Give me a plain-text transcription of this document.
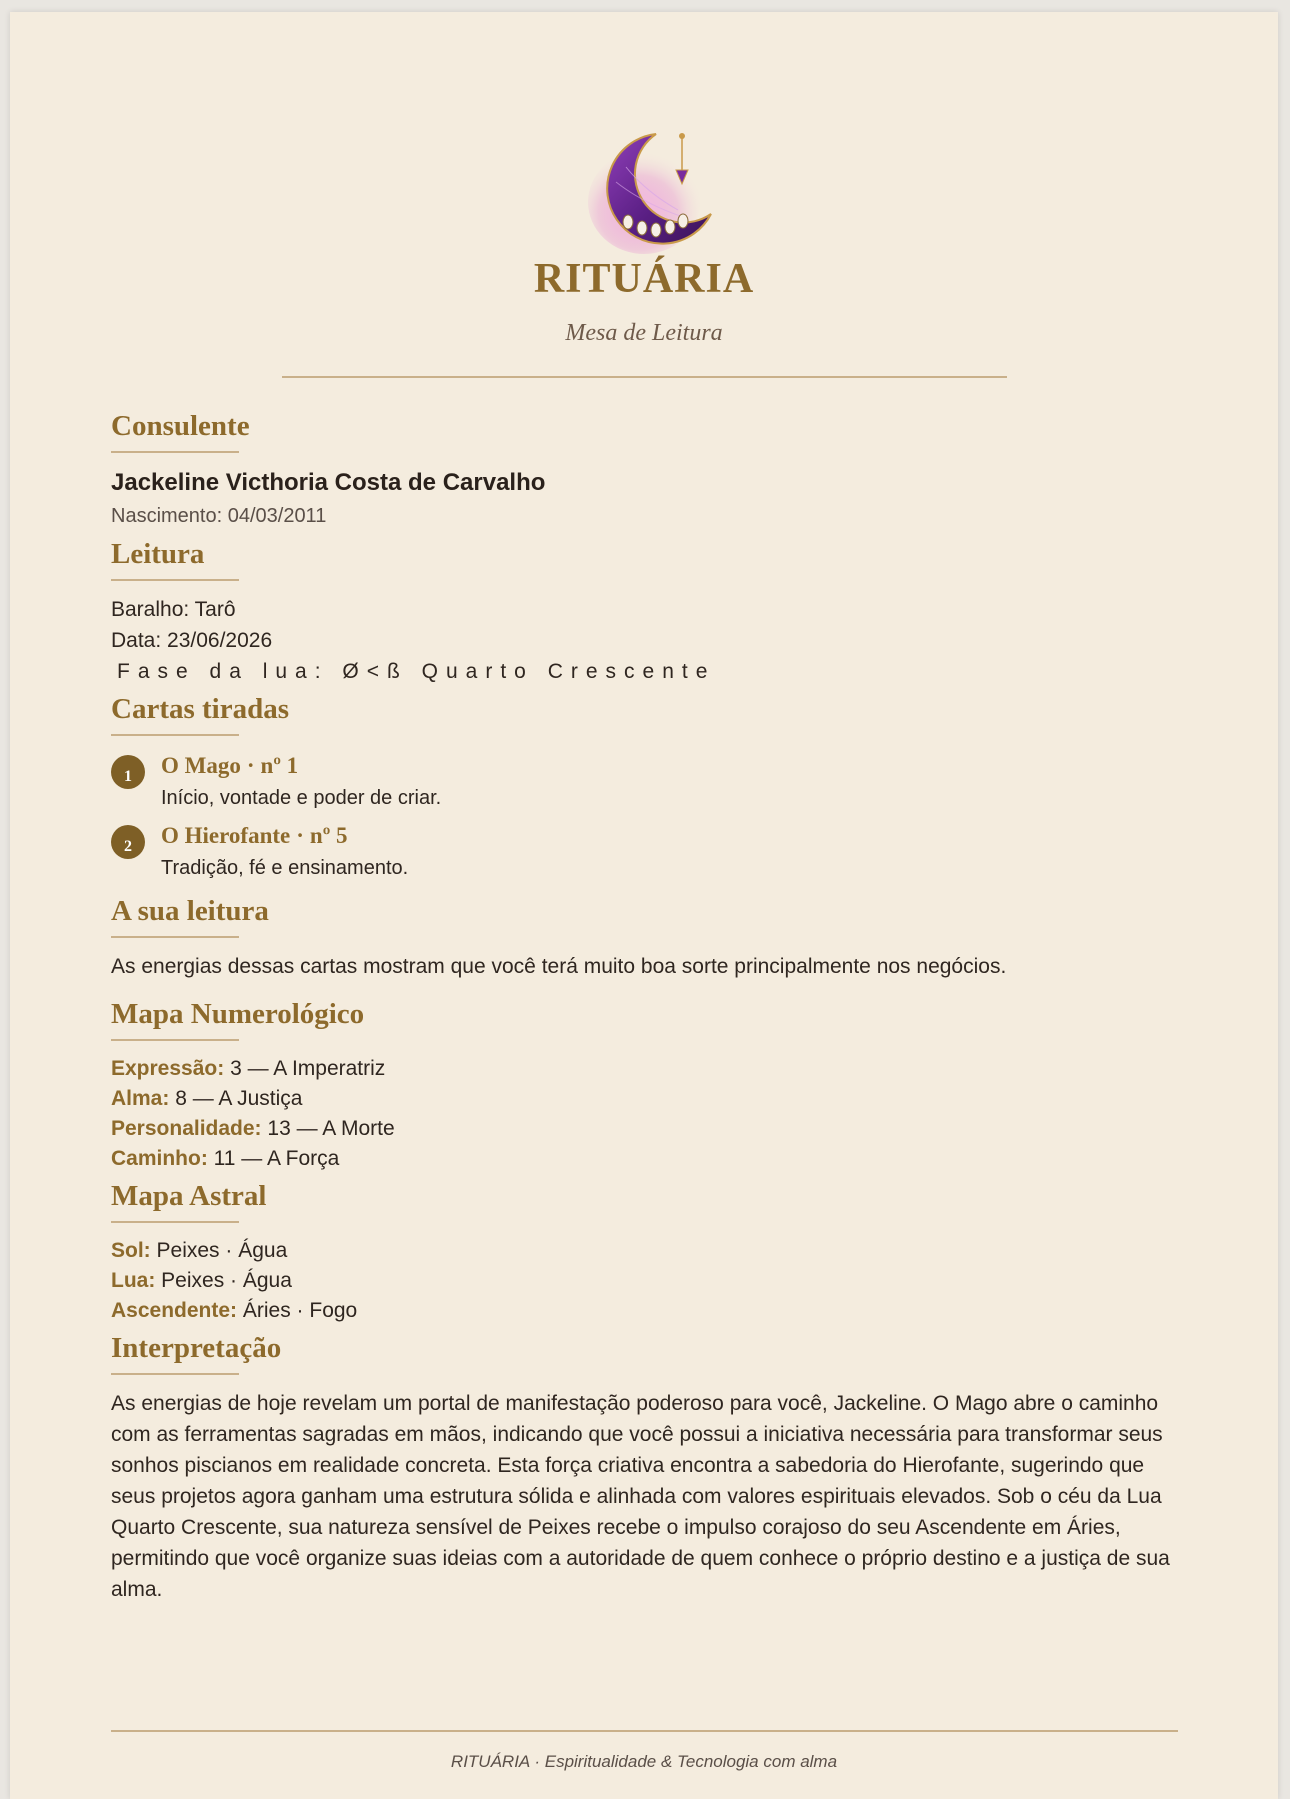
RITUÁRIA
Mesa de Leitura
Consulente
Jackeline Victhoria Costa de Carvalho
Nascimento: 04/03/2011
Leitura
Baralho: Tarô
Data: 23/06/2026
Fase da lua: Ø<ß Quarto Crescente
Cartas tiradas
1	O Mago · nº 1
Início, vontade e poder de criar.
2	O Hierofante · nº 5
Tradição, fé e ensinamento.
A sua leitura

As energias dessas cartas mostram que você terá muito boa sorte principalmente nos negócios.

Mapa Numerológico
Expressão: 3 — A Imperatriz
Alma: 8 — A Justiça
Personalidade: 13 — A Morte
Caminho: 11 — A Força
Mapa Astral
Sol: Peixes · Água
Lua: Peixes · Água
Ascendente: Áries · Fogo
Interpretação

As energias de hoje revelam um portal de manifestação poderoso para você, Jackeline. O Mago abre o caminho com as ferramentas sagradas em mãos, indicando que você possui a iniciativa necessária para transformar seus sonhos piscianos em realidade concreta. Esta força criativa encontra a sabedoria do Hierofante, sugerindo que seus projetos agora ganham uma estrutura sólida e alinhada com valores espirituais elevados. Sob o céu da Lua Quarto Crescente, sua natureza sensível de Peixes recebe o impulso corajoso do seu Ascendente em Áries, permitindo que você organize suas ideias com a autoridade de quem conhece o próprio destino e a justiça de sua alma.

RITUÁRIA · Espiritualidade & Tecnologia com alma
